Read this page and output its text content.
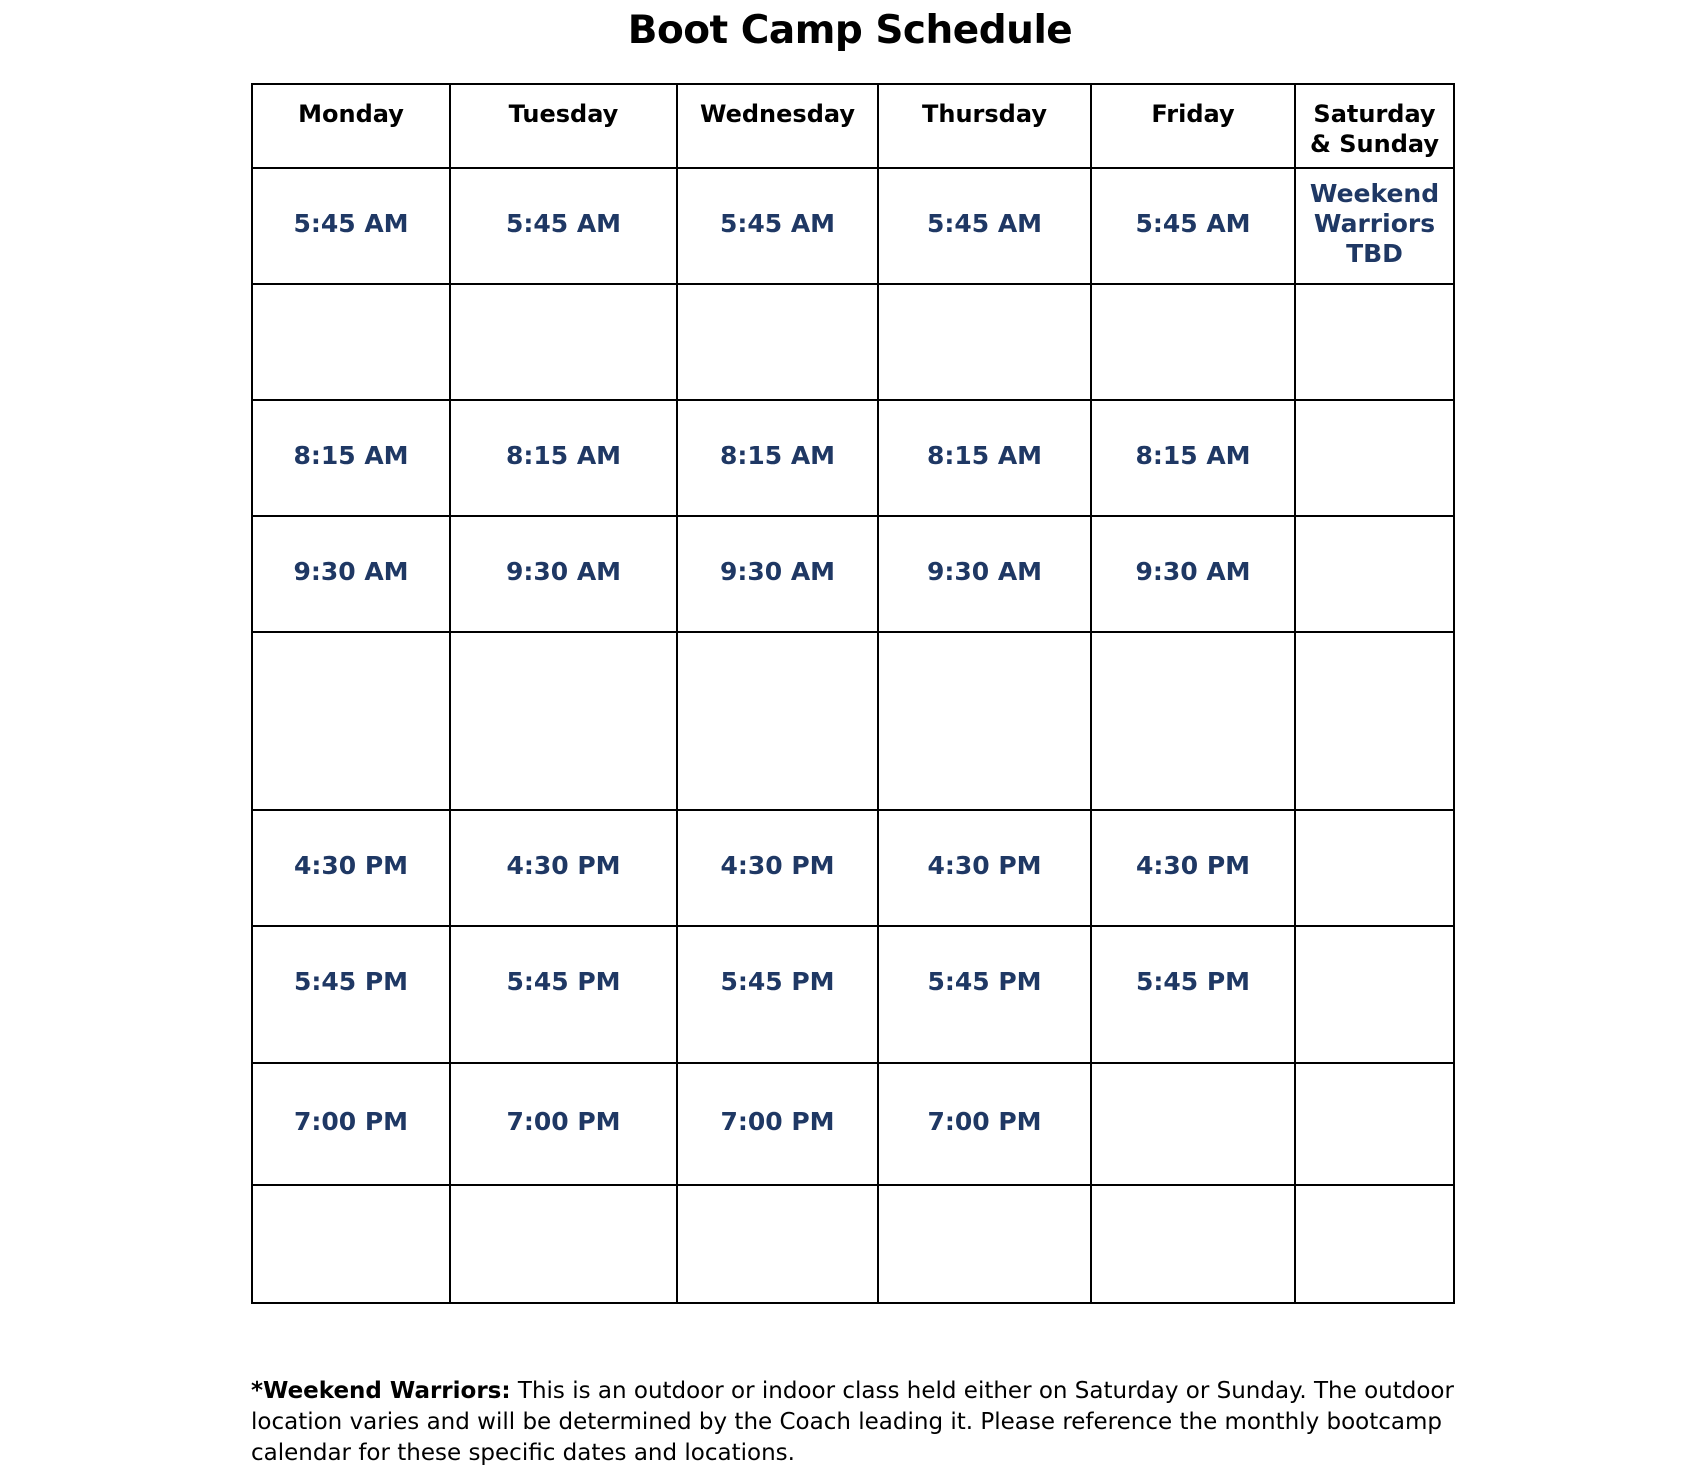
Boot Camp Schedule
Monday	Tuesday	Wednesday	Thursday	Friday	Saturday
& Sunday

5:45 AM	5:45 AM	5:45 AM	5:45 AM	5:45 AM	Weekend
Warriors
TBD

8:15 AM	8:15 AM	8:15 AM	8:15 AM	8:15 AM	
9:30 AM	9:30 AM	9:30 AM	9:30 AM	9:30 AM	

4:30 PM	4:30 PM	4:30 PM	4:30 PM	4:30 PM	
5:45 PM	5:45 PM	5:45 PM	5:45 PM	5:45 PM	
7:00 PM	7:00 PM	7:00 PM	7:00 PM		

*Weekend Warriors: This is an outdoor or indoor class held either on Saturday or Sunday. The outdoor location varies and will be determined by the Coach leading it. Please reference the monthly bootcamp calendar for these specific dates and locations.
